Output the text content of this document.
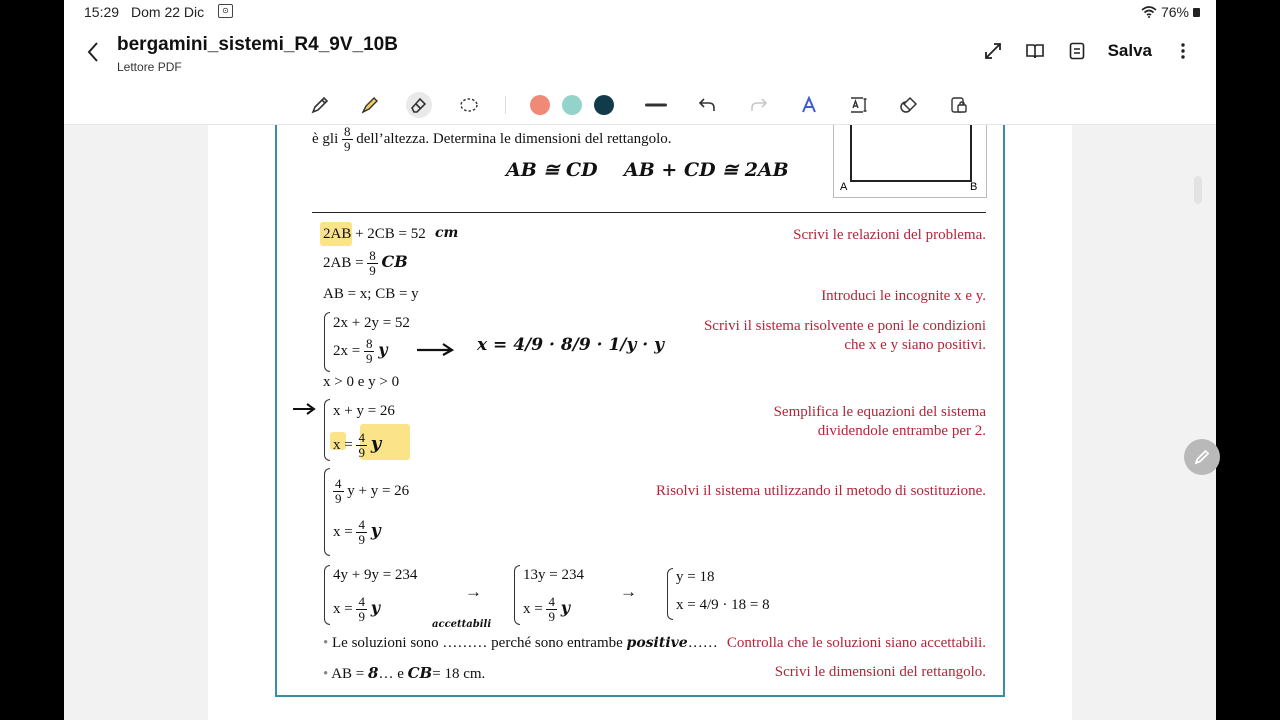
15:29 Dom 22 Dic	⊙	76%
bergamini_sistemi_R4_9V_10B
Lettore PDF
Salva
è gli $\frac{8}{9}$ dell’altezza. Determina le dimensioni del rettangolo.
AB ≅ CD AB + CD ≅ 2AB
A	B
2AB + 2CB = 52 cm
$2AB = \frac{8}{9}$ CB
AB = x; CB = y
2x + 2y = 52
$2x = \frac{8}{9}$ y	x = 4/9 · 8/9 · 1/y · y
x > 0 e y > 0
x + y = 26
$x = \frac{4}{9}$ y
$\frac{4}{9}$ y + y = 26
$x = \frac{4}{9}$ y
4y + 9y = 234
$x = \frac{4}{9}$ y
→
13y = 234
$x = \frac{4}{9}$ y
→
y = 18
x = 4/9 · 18 = 8
accettabili
• Le soluzioni sono ……… perché sono entrambe positive……
• AB = 8… e CB= 18 cm.
Scrivi le relazioni del problema.
Introduci le incognite x e y.
Scrivi il sistema risolvente e poni le condizioni
che x e y siano positivi.
Semplifica le equazioni del sistema
dividendole entrambe per 2.
Risolvi il sistema utilizzando il metodo di sostituzione.
Controlla che le soluzioni siano accettabili.
Scrivi le dimensioni del rettangolo.
